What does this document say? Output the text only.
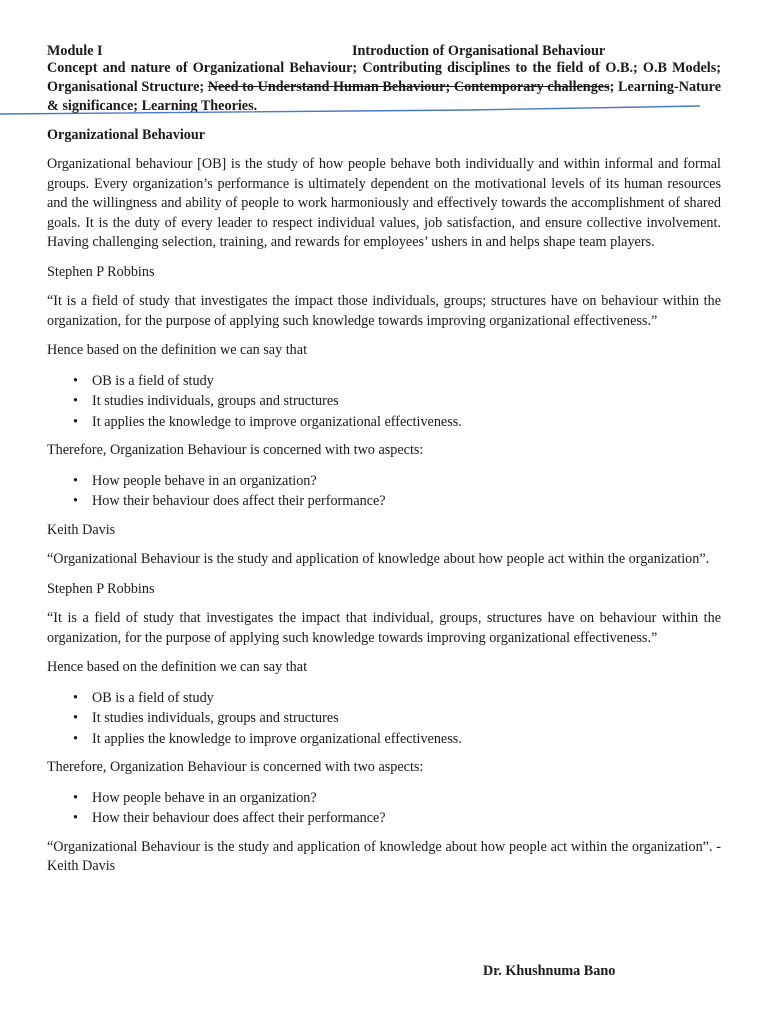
Module I	Introduction of Organisational Behaviour
Concept and nature of Organizational Behaviour; Contributing disciplines to the field of O.B.; O.B Models; Organisational Structure; Need to Understand Human Behaviour; Contemporary challenges; Learning-Nature & significance; Learning Theories.
Organizational Behaviour

Organizational behaviour [OB] is the study of how people behave both individually and within informal and formal groups. Every organization’s performance is ultimately dependent on the motivational levels of its human resources and the willingness and ability of people to work harmoniously and effectively towards the accomplishment of shared goals. It is the duty of every leader to respect individual values, job satisfaction, and ensure collective involvement. Having challenging selection, training, and rewards for employees’ ushers in and helps shape team players.

Stephen P Robbins

“It is a field of study that investigates the impact those individuals, groups; structures have on behaviour within the organization, for the purpose of applying such knowledge towards improving organizational effectiveness.”

Hence based on the definition we can say that

• OB is a field of study
• It studies individuals, groups and structures
• It applies the knowledge to improve organizational effectiveness.

Therefore, Organization Behaviour is concerned with two aspects:

• How people behave in an organization?
• How their behaviour does affect their performance?

Keith Davis

“Organizational Behaviour is the study and application of knowledge about how people act within the organization”.

Stephen P Robbins

“It is a field of study that investigates the impact that individual, groups, structures have on behaviour within the organization, for the purpose of applying such knowledge towards improving organizational effectiveness.”

Hence based on the definition we can say that

• OB is a field of study
• It studies individuals, groups and structures
• It applies the knowledge to improve organizational effectiveness.

Therefore, Organization Behaviour is concerned with two aspects:

• How people behave in an organization?
• How their behaviour does affect their performance?

“Organizational Behaviour is the study and application of knowledge about how people act within the organization”. -Keith Davis

Dr. Khushnuma Bano
